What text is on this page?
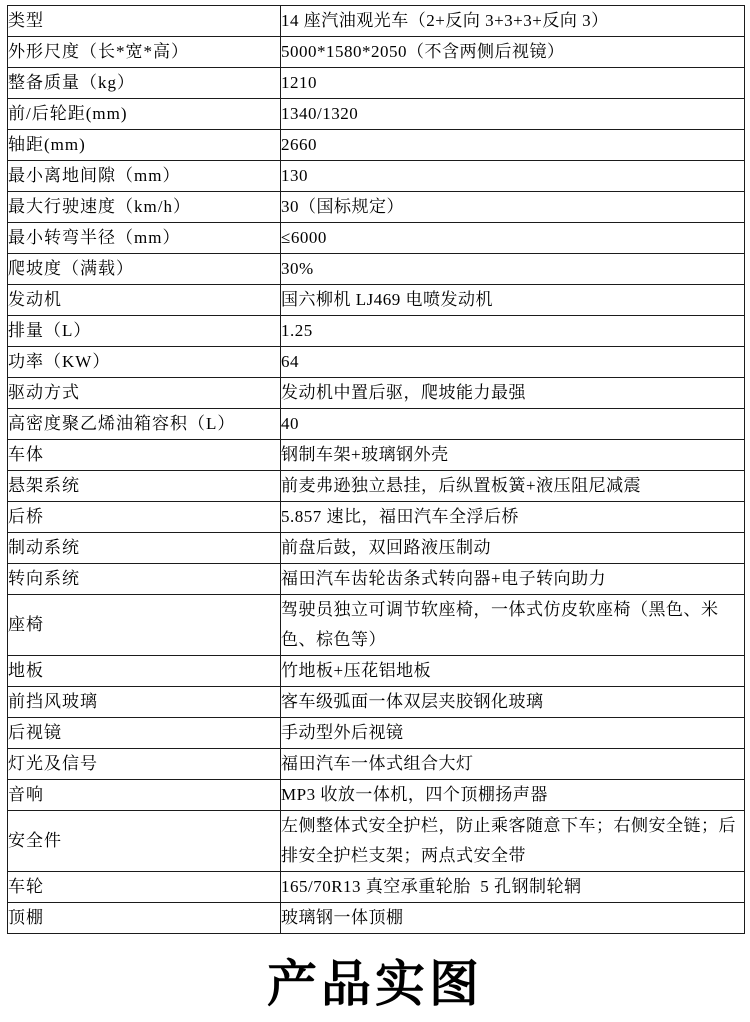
类型	14 座汽油观光车（2+反向 3+3+3+反向 3）
外形尺度（长*宽*高）	5000*1580*2050（不含两侧后视镜）
整备质量（kg）	1210
前/后轮距(mm)	1340/1320
轴距(mm)	2660
最小离地间隙（mm）	130
最大行驶速度（km/h）	30（国标规定）
最小转弯半径（mm）	≤6000
爬坡度（满载）	30%
发动机	国六柳机 LJ469 电喷发动机
排量（L）	1.25
功率（KW）	64
驱动方式	发动机中置后驱，爬坡能力最强
高密度聚乙烯油箱容积（L）	40
车体	钢制车架+玻璃钢外壳
悬架系统	前麦弗逊独立悬挂，后纵置板簧+液压阻尼减震
后桥	5.857 速比，福田汽车全浮后桥
制动系统	前盘后鼓，双回路液压制动
转向系统	福田汽车齿轮齿条式转向器+电子转向助力
座椅	驾驶员独立可调节软座椅，一体式仿皮软座椅（黑色、米色、棕色等）
地板	竹地板+压花铝地板
前挡风玻璃	客车级弧面一体双层夹胶钢化玻璃
后视镜	手动型外后视镜
灯光及信号	福田汽车一体式组合大灯
音响	MP3 收放一体机，四个顶棚扬声器
安全件	左侧整体式安全护栏，防止乘客随意下车；右侧安全链；后排安全护栏支架；两点式安全带
车轮	165/70R13 真空承重轮胎  5 孔钢制轮辋
顶棚	玻璃钢一体顶棚
产品实图
